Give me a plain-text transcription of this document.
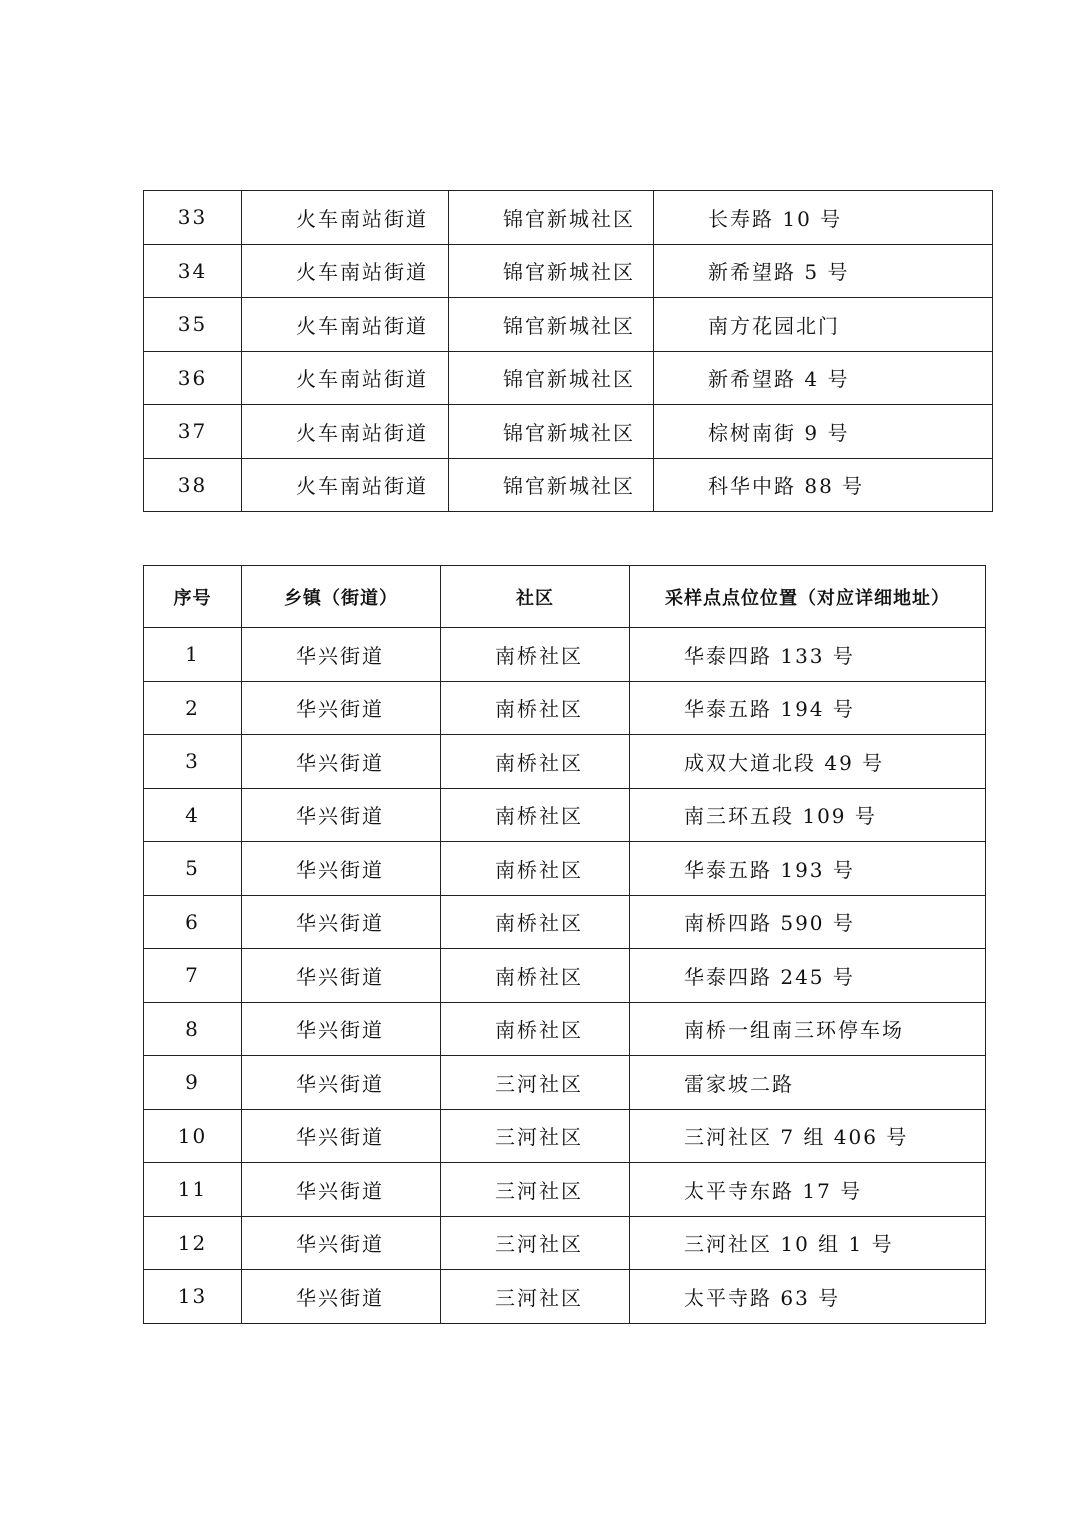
33	火车南站街道	锦官新城社区	长寿路 10 号
34	火车南站街道	锦官新城社区	新希望路 5 号
35	火车南站街道	锦官新城社区	南方花园北门
36	火车南站街道	锦官新城社区	新希望路 4 号
37	火车南站街道	锦官新城社区	棕树南街 9 号
38	火车南站街道	锦官新城社区	科华中路 88 号
序号	乡镇（街道）	社区	采样点点位位置（对应详细地址）
1	华兴街道	南桥社区	华泰四路 133 号
2	华兴街道	南桥社区	华泰五路 194 号
3	华兴街道	南桥社区	成双大道北段 49 号
4	华兴街道	南桥社区	南三环五段 109 号
5	华兴街道	南桥社区	华泰五路 193 号
6	华兴街道	南桥社区	南桥四路 590 号
7	华兴街道	南桥社区	华泰四路 245 号
8	华兴街道	南桥社区	南桥一组南三环停车场
9	华兴街道	三河社区	雷家坡二路
10	华兴街道	三河社区	三河社区 7 组 406 号
11	华兴街道	三河社区	太平寺东路 17 号
12	华兴街道	三河社区	三河社区 10 组 1 号
13	华兴街道	三河社区	太平寺路 63 号
